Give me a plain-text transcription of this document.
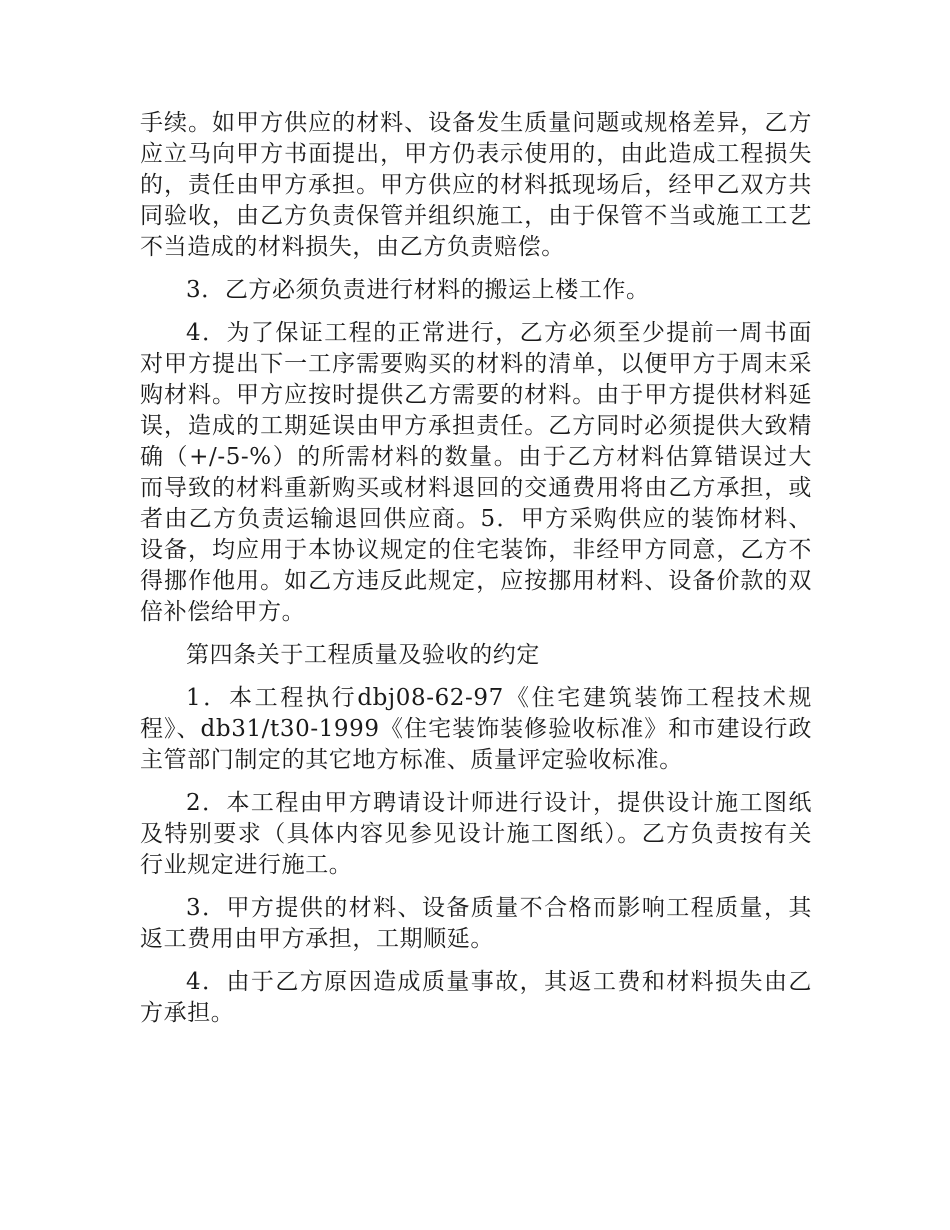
手续。如甲方供应的材料、设备发生质量问题或规格差异，乙方应立马向甲方书面提出，甲方仍表示使用的，由此造成工程损失的，责任由甲方承担。甲方供应的材料抵现场后，经甲乙双方共同验收，由乙方负责保管并组织施工，由于保管不当或施工工艺不当造成的材料损失，由乙方负责赔偿。

3．乙方必须负责进行材料的搬运上楼工作。

4．为了保证工程的正常进行，乙方必须至少提前一周书面对甲方提出下一工序需要购买的材料的清单，以便甲方于周末采购材料。甲方应按时提供乙方需要的材料。由于甲方提供材料延误，造成的工期延误由甲方承担责任。乙方同时必须提供大致精确（+/-5-%）的所需材料的数量。由于乙方材料估算错误过大而导致的材料重新购买或材料退回的交通费用将由乙方承担，或者由乙方负责运输退回供应商。5．甲方采购供应的装饰材料、设备，均应用于本协议规定的住宅装饰，非经甲方同意，乙方不得挪作他用。如乙方违反此规定，应按挪用材料、设备价款的双倍补偿给甲方。

第四条关于工程质量及验收的约定

1．本工程执行dbj08-62-97《住宅建筑装饰工程技术规程》、db31/t30-1999《住宅装饰装修验收标准》和市建设行政主管部门制定的其它地方标准、质量评定验收标准。

2．本工程由甲方聘请设计师进行设计，提供设计施工图纸及特别要求（具体内容见参见设计施工图纸）。乙方负责按有关行业规定进行施工。

3．甲方提供的材料、设备质量不合格而影响工程质量，其返工费用由甲方承担，工期顺延。

4．由于乙方原因造成质量事故，其返工费和材料损失由乙方承担。
